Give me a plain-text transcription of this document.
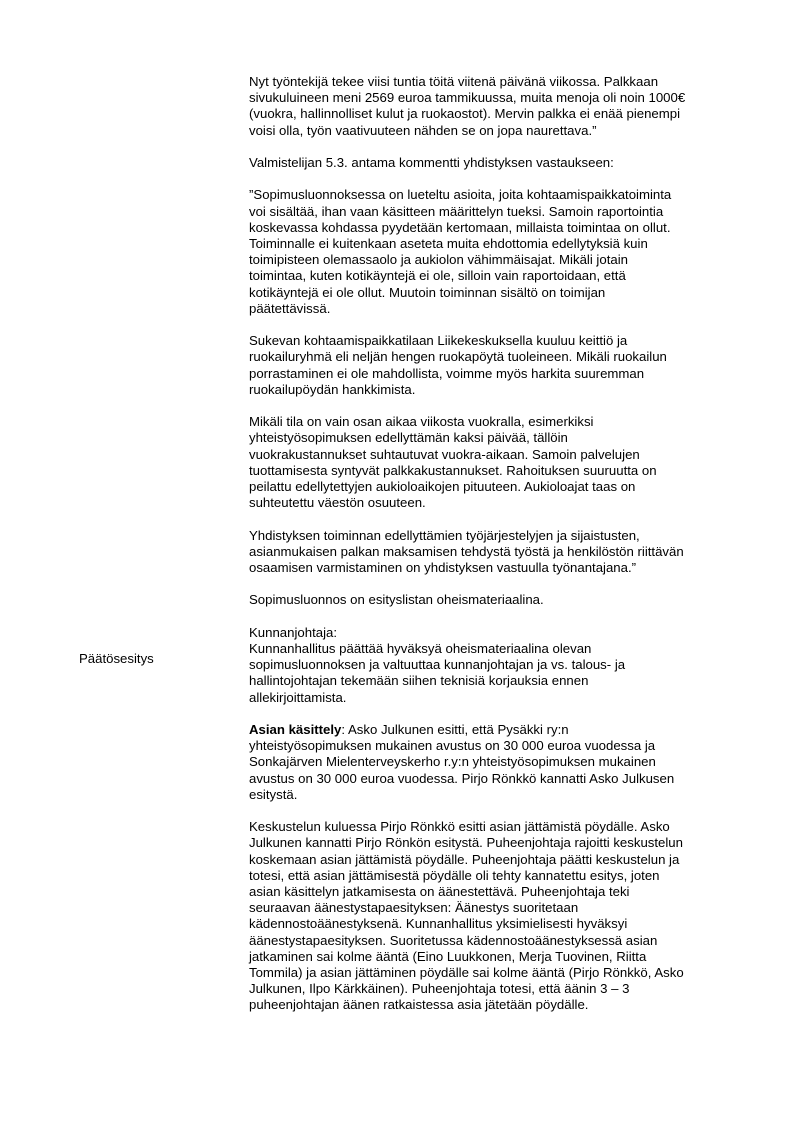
Päätösesitys

Nyt työntekijä tekee viisi tuntia töitä viitenä päivänä viikossa. Palkkaan
sivukuluineen meni 2569 euroa tammikuussa, muita menoja oli noin 1000€
(vuokra, hallinnolliset kulut ja ruokaostot). Mervin palkka ei enää pienempi
voisi olla, työn vaativuuteen nähden se on jopa naurettava.”

Valmistelijan 5.3. antama kommentti yhdistyksen vastaukseen:

”Sopimusluonnoksessa on lueteltu asioita, joita kohtaamispaikkatoiminta
voi sisältää, ihan vaan käsitteen määrittelyn tueksi. Samoin raportointia
koskevassa kohdassa pyydetään kertomaan, millaista toimintaa on ollut.
Toiminnalle ei kuitenkaan aseteta muita ehdottomia edellytyksiä kuin
toimipisteen olemassaolo ja aukiolon vähimmäisajat. Mikäli jotain
toimintaa, kuten kotikäyntejä ei ole, silloin vain raportoidaan, että
kotikäyntejä ei ole ollut. Muutoin toiminnan sisältö on toimijan
päätettävissä.

Sukevan kohtaamispaikkatilaan Liikekeskuksella kuuluu keittiö ja
ruokailuryhmä eli neljän hengen ruokapöytä tuoleineen. Mikäli ruokailun
porrastaminen ei ole mahdollista, voimme myös harkita suuremman
ruokailupöydän hankkimista.

Mikäli tila on vain osan aikaa viikosta vuokralla, esimerkiksi
yhteistyösopimuksen edellyttämän kaksi päivää, tällöin
vuokrakustannukset suhtautuvat vuokra-aikaan. Samoin palvelujen
tuottamisesta syntyvät palkkakustannukset. Rahoituksen suuruutta on
peilattu edellytettyjen aukioloaikojen pituuteen. Aukioloajat taas on
suhteutettu väestön osuuteen.

Yhdistyksen toiminnan edellyttämien työjärjestelyjen ja sijaistusten,
asianmukaisen palkan maksamisen tehdystä työstä ja henkilöstön riittävän
osaamisen varmistaminen on yhdistyksen vastuulla työnantajana.”

Sopimusluonnos on esityslistan oheismateriaalina.

Kunnanjohtaja:
Kunnanhallitus päättää hyväksyä oheismateriaalina olevan
sopimusluonnoksen ja valtuuttaa kunnanjohtajan ja vs. talous- ja
hallintojohtajan tekemään siihen teknisiä korjauksia ennen
allekirjoittamista.

Asian käsittely: Asko Julkunen esitti, että Pysäkki ry:n
yhteistyösopimuksen mukainen avustus on 30 000 euroa vuodessa ja
Sonkajärven Mielenterveyskerho r.y:n yhteistyösopimuksen mukainen
avustus on 30 000 euroa vuodessa. Pirjo Rönkkö kannatti Asko Julkusen
esitystä.

Keskustelun kuluessa Pirjo Rönkkö esitti asian jättämistä pöydälle. Asko
Julkunen kannatti Pirjo Rönkön esitystä. Puheenjohtaja rajoitti keskustelun
koskemaan asian jättämistä pöydälle. Puheenjohtaja päätti keskustelun ja
totesi, että asian jättämisestä pöydälle oli tehty kannatettu esitys, joten
asian käsittelyn jatkamisesta on äänestettävä. Puheenjohtaja teki
seuraavan äänestystapaesityksen: Äänestys suoritetaan
kädennostoäänestyksenä. Kunnanhallitus yksimielisesti hyväksyi
äänestystapaesityksen. Suoritetussa kädennostoäänestyksessä asian
jatkaminen sai kolme ääntä (Eino Luukkonen, Merja Tuovinen, Riitta
Tommila) ja asian jättäminen pöydälle sai kolme ääntä (Pirjo Rönkkö, Asko
Julkunen, Ilpo Kärkkäinen). Puheenjohtaja totesi, että äänin 3 – 3
puheenjohtajan äänen ratkaistessa asia jätetään pöydälle.
